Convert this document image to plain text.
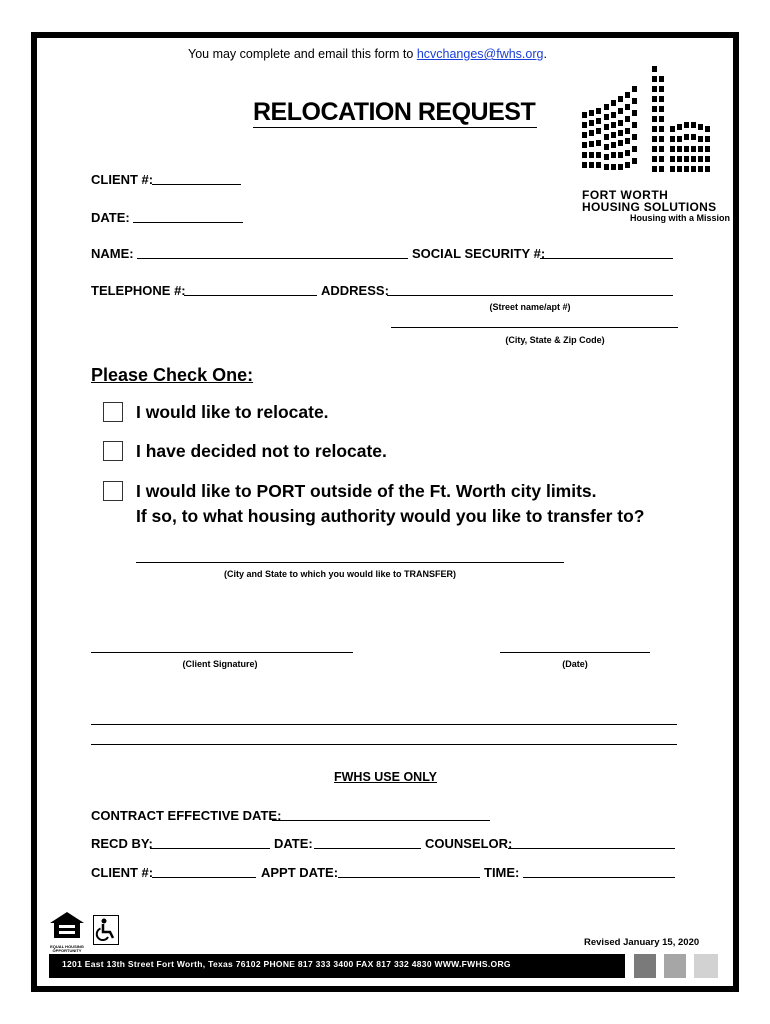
You may complete and email this form to hcvchanges@fwhs.org.
RELOCATION REQUEST
FORT WORTH
HOUSING SOLUTIONS
Housing with a Mission
CLIENT #:
DATE:
NAME:	SOCIAL SECURITY #:
TELEPHONE #:	ADDRESS:
(Street name/apt #)
(City, State & Zip Code)
Please Check One:
I would like to relocate.
I have decided not to relocate.
I would like to PORT outside of the Ft. Worth city limits.
If so, to what housing authority would you like to transfer to?
(City and State to which you would like to TRANSFER)
(Client Signature)	(Date)
FWHS USE ONLY
CONTRACT EFFECTIVE DATE:
RECD BY:	DATE:	COUNSELOR:
CLIENT #:	APPT DATE:	TIME:
EQUAL HOUSING OPPORTUNITY
Revised January 15, 2020
1201 East 13th Street Fort Worth, Texas 76102 PHONE 817 333 3400 FAX 817 332 4830 WWW.FWHS.ORG
